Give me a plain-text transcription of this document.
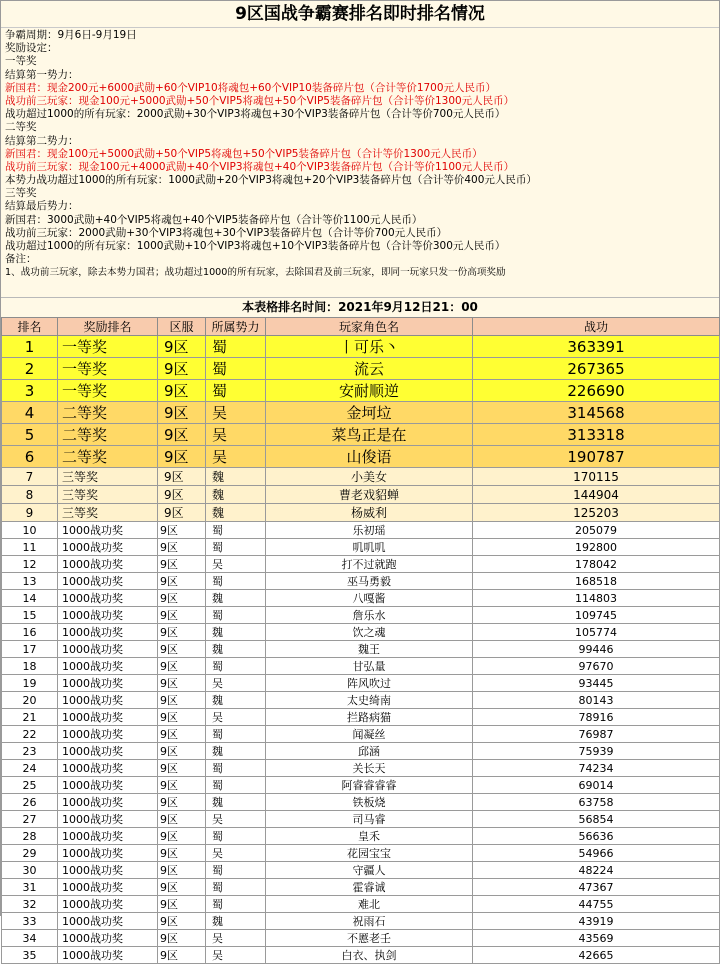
9区国战争霸赛排名即时排名情况
争霸周期：9月6日-9月19日
奖励设定：
一等奖
结算第一势力：
新国君：现金200元+6000武勋+60个VIP10将魂包+60个VIP10装备碎片包（合计等价1700元人民币）
战功前三玩家：现金100元+5000武勋+50个VIP5将魂包+50个VIP5装备碎片包（合计等价1300元人民币）
战功超过1000的所有玩家：2000武勋+30个VIP3将魂包+30个VIP3装备碎片包（合计等价700元人民币）
二等奖
结算第二势力：
新国君：现金100元+5000武勋+50个VIP5将魂包+50个VIP5装备碎片包（合计等价1300元人民币）
战功前三玩家：现金100元+4000武勋+40个VIP3将魂包+40个VIP3装备碎片包（合计等价1100元人民币）
本势力战功超过1000的所有玩家：1000武勋+20个VIP3将魂包+20个VIP3装备碎片包（合计等价400元人民币）
三等奖
结算最后势力：
新国君：3000武勋+40个VIP5将魂包+40个VIP5装备碎片包（合计等价1100元人民币）
战功前三玩家：2000武勋+30个VIP3将魂包+30个VIP3装备碎片包（合计等价700元人民币）
战功超过1000的所有玩家：1000武勋+10个VIP3将魂包+10个VIP3装备碎片包（合计等价300元人民币）
备注：
1、战功前三玩家，除去本势力国君；战功超过1000的所有玩家，去除国君及前三玩家，即同一玩家只发一份高项奖励
本表格排名时间：2021年9月12日21：00
排名	奖励排名	区服	所属势力	玩家角色名	战功
1	一等奖	9区	蜀	丨可乐丶	363391
2	一等奖	9区	蜀	流云	267365
3	一等奖	9区	蜀	安耐顺逆	226690
4	二等奖	9区	吴	金坷垃	314568
5	二等奖	9区	吴	菜鸟正是在	313318
6	二等奖	9区	吴	山俊语	190787
7	三等奖	9区	魏	小美女	170115
8	三等奖	9区	魏	曹老戏貂蝉	144904
9	三等奖	9区	魏	杨威利	125203
10	1000战功奖	9区	蜀	乐初瑶	205079
11	1000战功奖	9区	蜀	叽叽叽	192800
12	1000战功奖	9区	吴	打不过就跑	178042
13	1000战功奖	9区	蜀	巫马勇毅	168518
14	1000战功奖	9区	魏	八嘎酱	114803
15	1000战功奖	9区	蜀	詹乐水	109745
16	1000战功奖	9区	魏	饮之魂	105774
17	1000战功奖	9区	魏	魏王	99446
18	1000战功奖	9区	蜀	甘弘量	97670
19	1000战功奖	9区	吴	阵风吹过	93445
20	1000战功奖	9区	魏	太史绮南	80143
21	1000战功奖	9区	吴	拦路病猫	78916
22	1000战功奖	9区	蜀	闻凝丝	76987
23	1000战功奖	9区	魏	邱涵	75939
24	1000战功奖	9区	蜀	关长天	74234
25	1000战功奖	9区	蜀	阿睿睿睿睿	69014
26	1000战功奖	9区	魏	铁板烧	63758
27	1000战功奖	9区	吴	司马睿	56854
28	1000战功奖	9区	蜀	皇禾	56636
29	1000战功奖	9区	吴	花园宝宝	54966
30	1000战功奖	9区	蜀	守疆人	48224
31	1000战功奖	9区	蜀	霍睿诚	47367
32	1000战功奖	9区	蜀	难北	44755
33	1000战功奖	9区	魏	祝雨石	43919
34	1000战功奖	9区	吴	不慝老壬	43569
35	1000战功奖	9区	吴	白衣、执剑	42665
